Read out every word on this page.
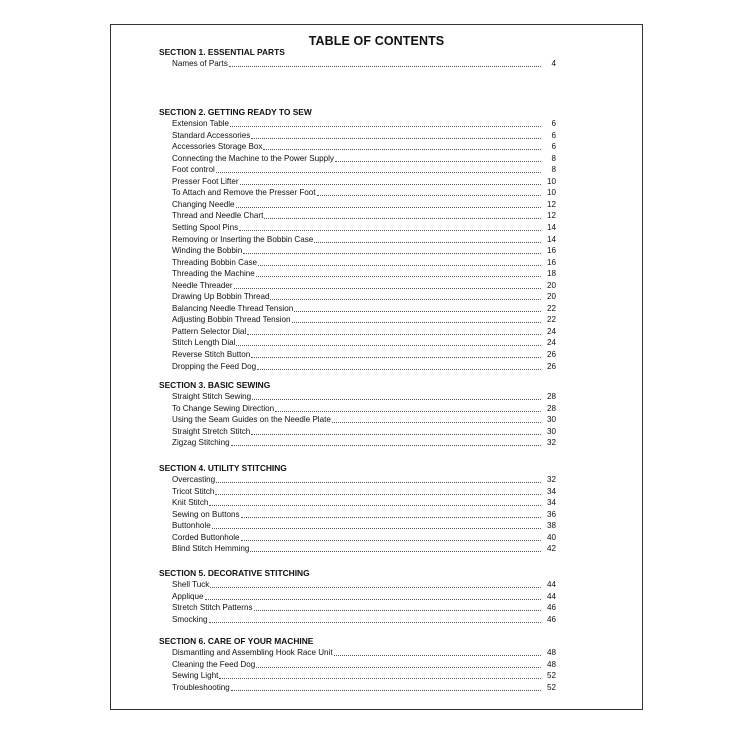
TABLE OF CONTENTS
SECTION 1. ESSENTIAL PARTS
Names of Parts	4
SECTION 2. GETTING READY TO SEW
Extension Table	6
Standard Accessories	6
Accessories Storage Box	6
Connecting the Machine to the Power Supply	8
Foot control	8
Presser Foot Lifter	10
To Attach and Remove the Presser Foot	10
Changing Needle	12
Thread and Needle Chart	12
Setting Spool Pins	14
Removing or Inserting the Bobbin Case	14
Winding the Bobbin	16
Threading Bobbin Case	16
Threading the Machine	18
Needle Threader	20
Drawing Up Bobbin Thread	20
Balancing Needle Thread Tension	22
Adjusting Bobbin Thread Tension	22
Pattern Selector Dial	24
Stitch Length Dial	24
Reverse Stitch Button	26
Dropping the Feed Dog	26
SECTION 3. BASIC SEWING
Straight Stitch Sewing	28
To Change Sewing Direction	28
Using the Seam Guides on the Needle Plate	30
Straight Stretch Stitch	30
Zigzag Stitching	32
SECTION 4. UTILITY STITCHING
Overcasting	32
Tricot Stitch	34
Knit Stitch	34
Sewing on Buttons	36
Buttonhole	38
Corded Buttonhole	40
Blind Stitch Hemming	42
SECTION 5. DECORATIVE STITCHING
Shell Tuck	44
Applique	44
Stretch Stitch Patterns	46
Smocking	46
SECTION 6. CARE OF YOUR MACHINE
Dismantling and Assembling Hook Race Unit	48
Cleaning the Feed Dog	48
Sewing Light	52
Troubleshooting	52
